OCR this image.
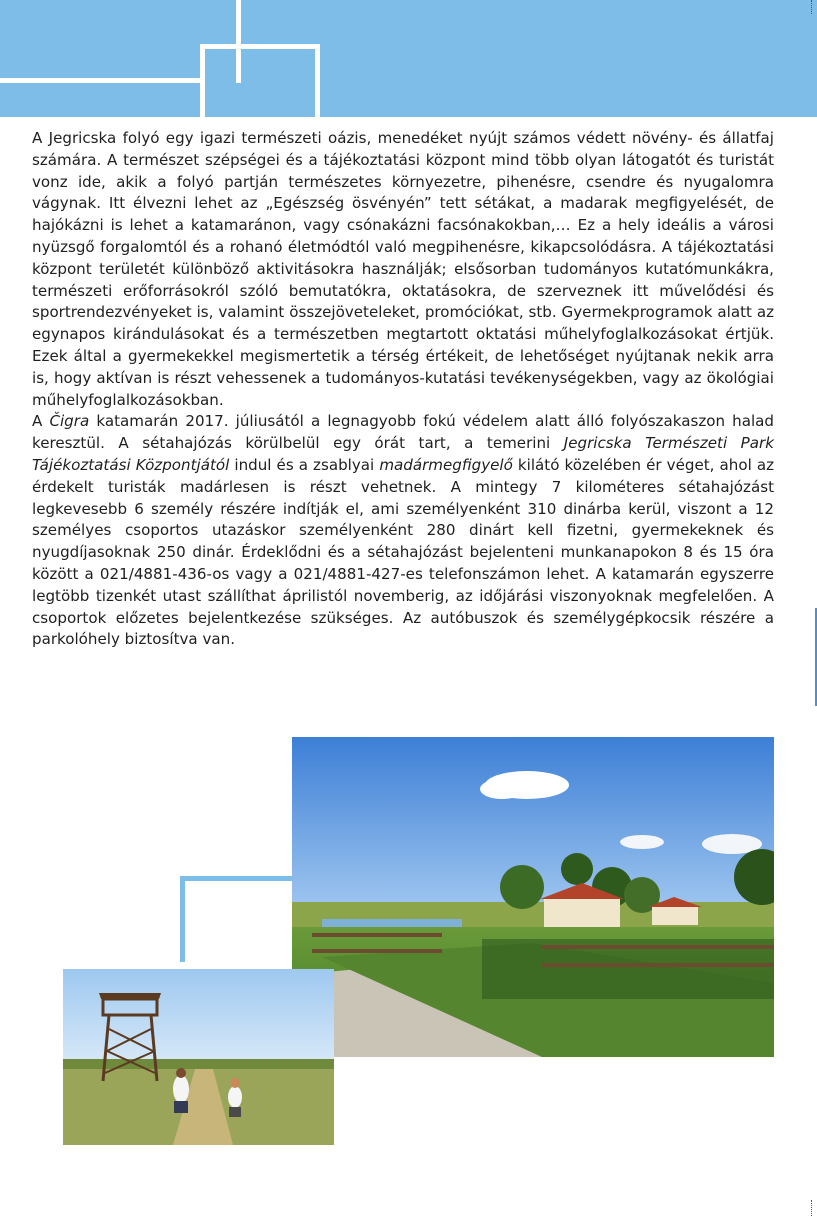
A Jegricska folyó egy igazi természeti oázis, menedéket nyújt számos védett növény- és állatfaj számára. A természet szépségei és a tájékoztatási központ mind több olyan látogatót és turistát vonz ide, akik a folyó partján természetes környezetre, pihenésre, csendre és nyugalomra vágynak. Itt élvezni lehet az „Egészség ösvényén” tett sétákat, a madarak megfigyelését, de hajókázni is lehet a katamaránon, vagy csónakázni facsónakokban,… Ez a hely ideális a városi nyüzsgő forgalomtól és a rohanó életmódtól való megpihenésre, kikapcsolódásra. A tájékoztatási központ területét különböző aktivitásokra használják; elsősorban tudományos kutatómunkákra, természeti erőforrásokról szóló bemutatókra, oktatásokra, de szerveznek itt művelődési és sportrendezvényeket is, valamint összejöveteleket, promóciókat, stb. Gyermekprogramok alatt az egynapos kirándulásokat és a természetben megtartott oktatási műhelyfoglalkozásokat értjük. Ezek által a gyermekekkel megismertetik a térség értékeit, de lehetőséget nyújtanak nekik arra is, hogy aktívan is részt vehessenek a tudományos-kutatási tevékenységekben, vagy az ökológiai műhelyfoglalkozásokban.

A Čigra katamarán 2017. júliusától a legnagyobb fokú védelem alatt álló folyószakaszon halad keresztül. A sétahajózás körülbelül egy órát tart, a temerini Jegricska Természeti Park Tájékoztatási Központjától indul és a zsablyai madármegfigyelő kilátó közelében ér véget, ahol az érdekelt turisták madárlesen is részt vehetnek. A mintegy 7 kilométeres sétahajózást legkevesebb 6 személy részére indítják el, ami személyenként 310 dinárba kerül, viszont a 12 személyes csoportos utazáskor személyenként 280 dinárt kell fizetni, gyermekeknek és nyugdíjasoknak 250 dinár. Érdeklődni és a sétahajózást bejelenteni munkanapokon 8 és 15 óra között a 021/4881-436-os vagy a 021/4881-427-es telefonszámon lehet. A katamarán egyszerre legtöbb tizenkét utast szállíthat áprilistól novemberig, az időjárási viszonyoknak megfelelően. A csoportok előzetes bejelentkezése szükséges. Az autóbuszok és személygépkocsik részére a parkolóhely biztosítva van.
